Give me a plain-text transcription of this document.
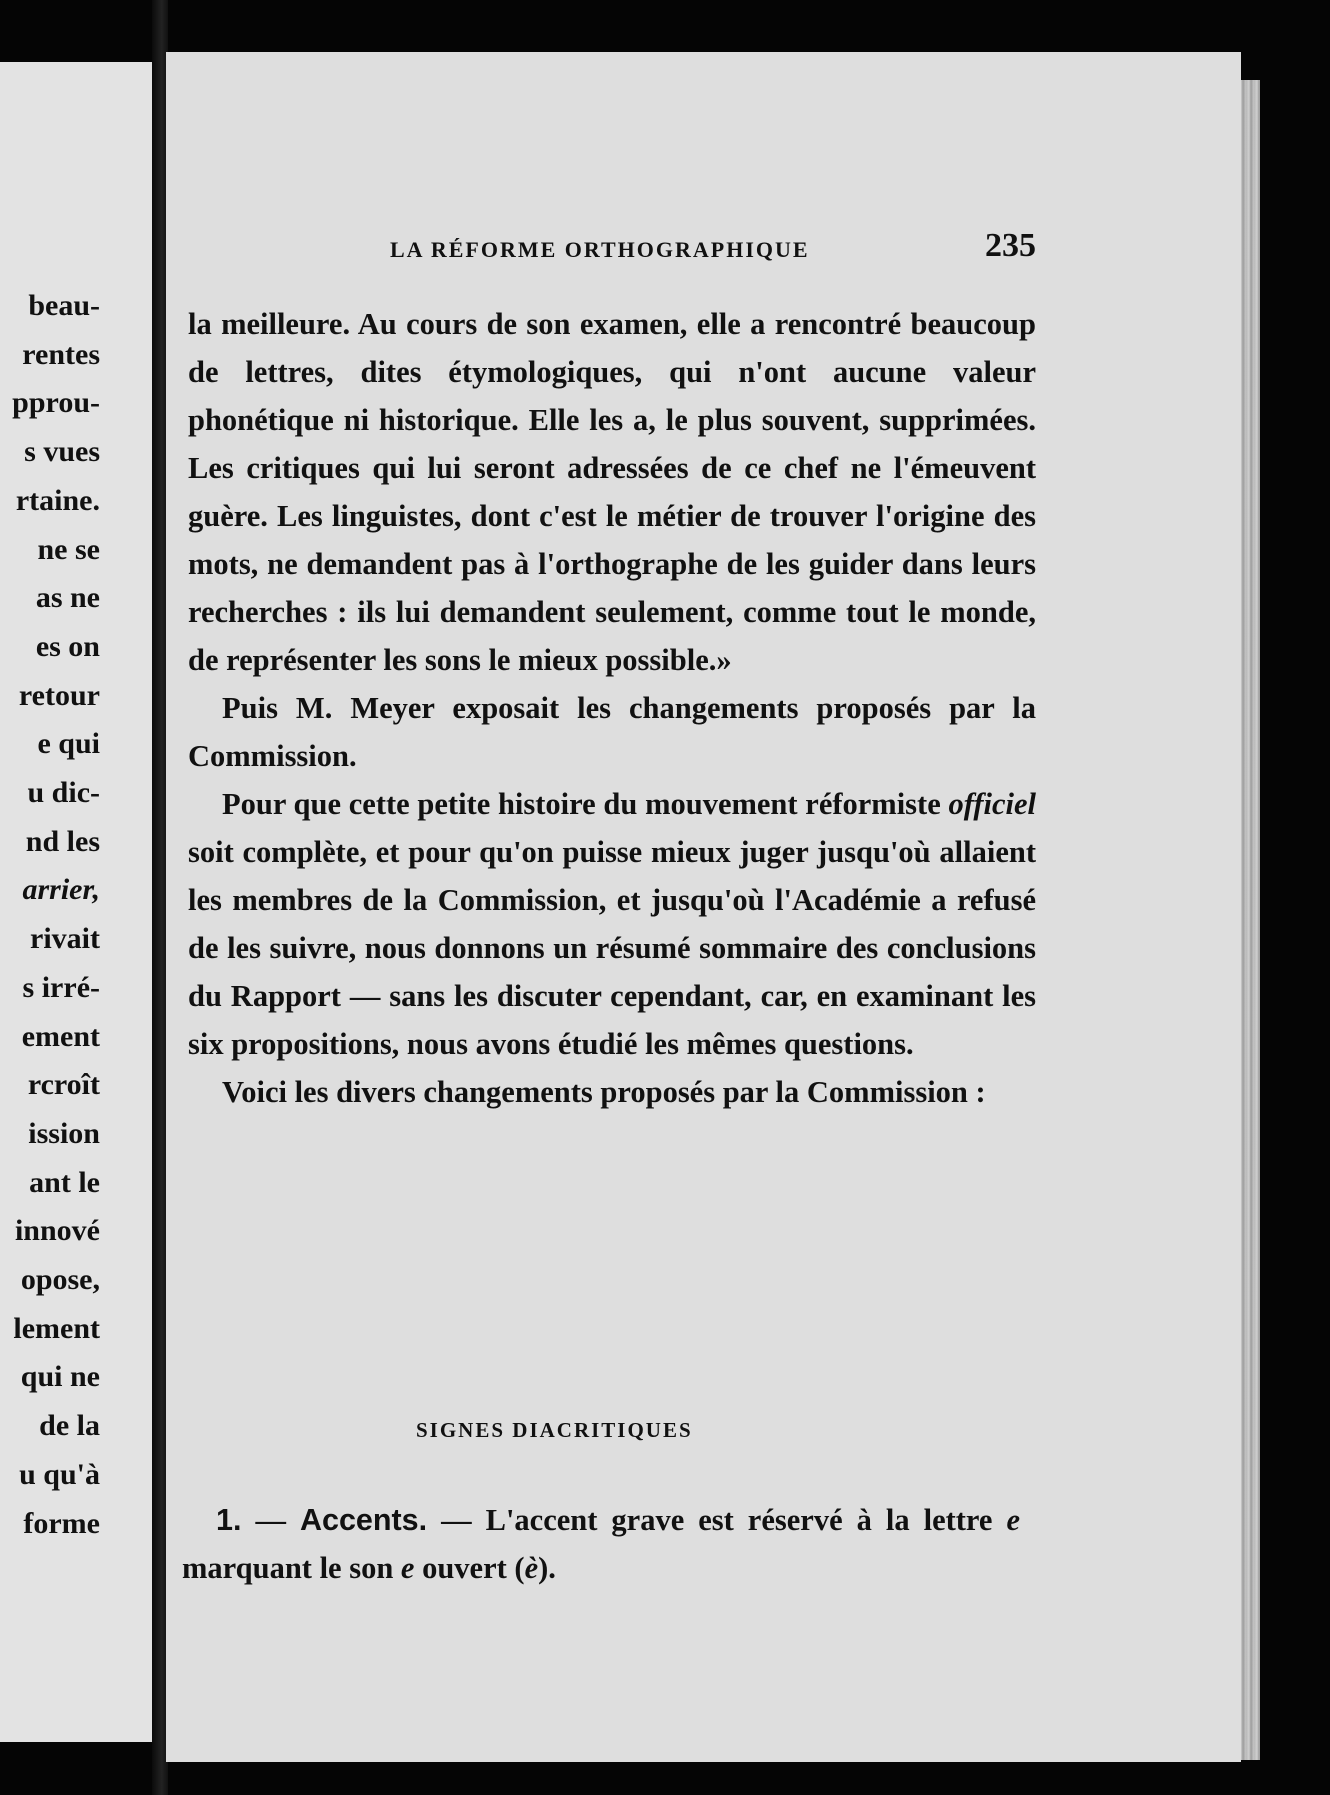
beau-
rentes
pprou-
s vues
rtaine.
ne se
as ne
es on
retour
e qui
u dic-
nd les
arrier,
rivait
s irré-
ement
rcroît
ission
ant le
innové
opose,
lement
qui ne
de la
u qu'à
forme
LA RÉFORME ORTHOGRAPHIQUE	235

la meilleure. Au cours de son examen, elle a rencontré beaucoup de lettres, dites étymologiques, qui n'ont aucune valeur phonétique ni historique. Elle les a, le plus souvent, supprimées. Les critiques qui lui seront adressées de ce chef ne l'émeuvent guère. Les linguistes, dont c'est le métier de trouver l'origine des mots, ne demandent pas à l'orthographe de les guider dans leurs recherches : ils lui demandent seulement, comme tout le monde, de représenter les sons le mieux possible.»

Puis M. Meyer exposait les changements proposés par la Commission.

Pour que cette petite histoire du mouvement réformiste officiel soit complète, et pour qu'on puisse mieux juger jusqu'où allaient les membres de la Commission, et jusqu'où l'Académie a refusé de les suivre, nous donnons un résumé sommaire des conclusions du Rapport — sans les discuter cependant, car, en examinant les six propositions, nous avons étudié les mêmes questions.

Voici les divers changements proposés par la Commission :

SIGNES DIACRITIQUES

1. — Accents. — L'accent grave est réservé à la lettre e marquant le son e ouvert (è).
